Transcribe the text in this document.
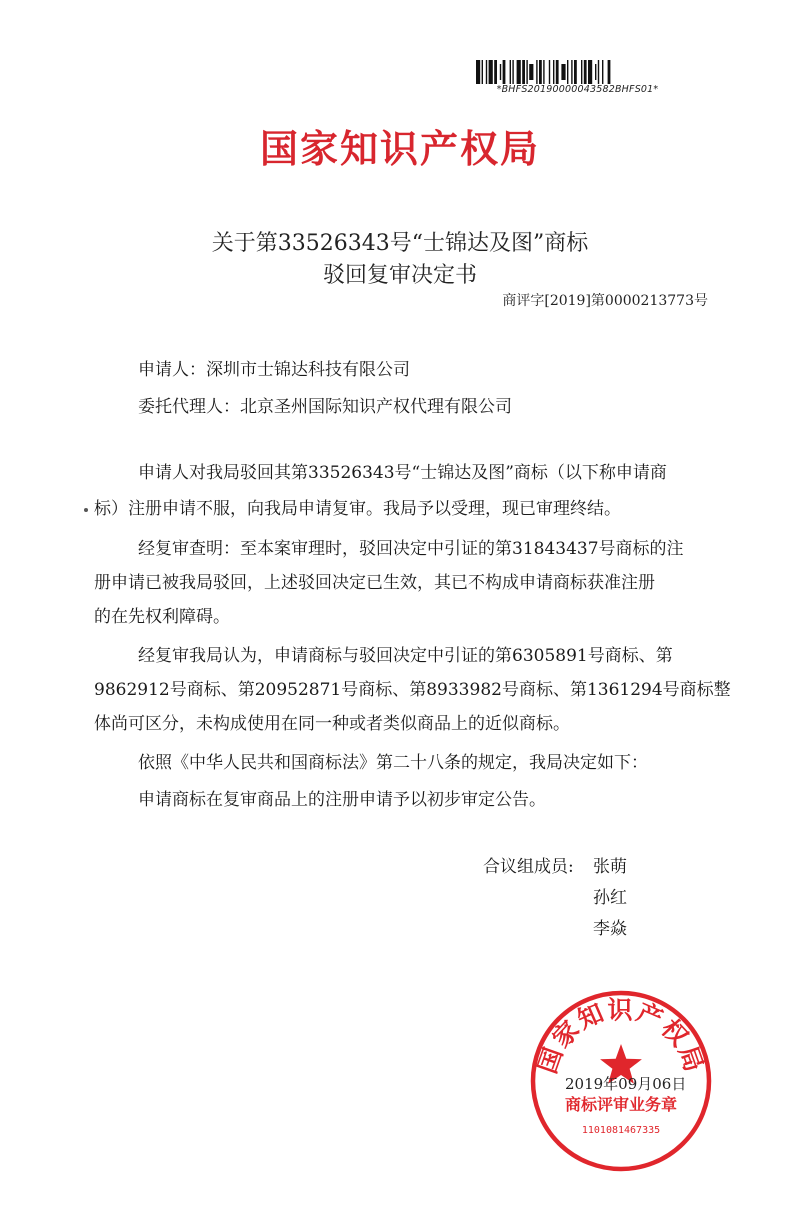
*BHFS20190000043582BHFS01*
国家知识产权局
关于第33526343号“士锦达及图”商标
驳回复审决定书
商评字[2019]第0000213773号
申请人：深圳市士锦达科技有限公司
委托代理人：北京圣州国际知识产权代理有限公司
申请人对我局驳回其第33526343号“士锦达及图”商标（以下称申请商
标）注册申请不服，向我局申请复审。我局予以受理，现已审理终结。
经复审查明：至本案审理时，驳回决定中引证的第31843437号商标的注
册申请已被我局驳回，上述驳回决定已生效，其已不构成申请商标获准注册
的在先权利障碍。
经复审我局认为，申请商标与驳回决定中引证的第6305891号商标、第
9862912号商标、第20952871号商标、第8933982号商标、第1361294号商标整
体尚可区分，未构成使用在同一种或者类似商品上的近似商标。
依照《中华人民共和国商标法》第二十八条的规定，我局决定如下：
申请商标在复审商品上的注册申请予以初步审定公告。
合议组成员: 张萌
孙红
李焱
国家知识产权局
商标评审业务章
1101081467335
2019年09月06日
